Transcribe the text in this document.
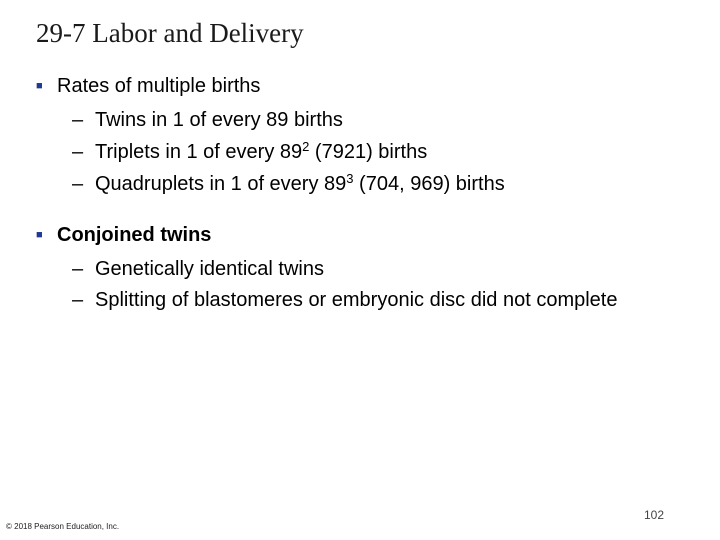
29-7 Labor and Delivery
■
Rates of multiple births
– Twins in 1 of every 89 births
– Triplets in 1 of every $89^2$ (7921) births
– Quadruplets in 1 of every $89^3$ (704, 969) births
■
Conjoined twins
– Genetically identical twins
– Splitting of blastomeres or embryonic disc did not complete
102
© 2018 Pearson Education, Inc.
